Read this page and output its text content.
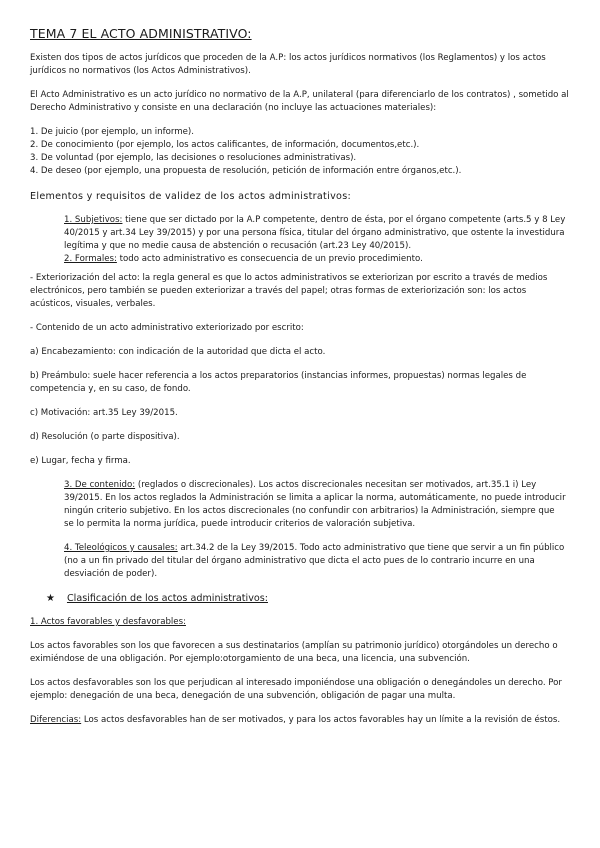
TEMA 7 EL ACTO ADMINISTRATIVO:

Existen dos tipos de actos jurídicos que proceden de la A.P: los actos jurídicos normativos (los Reglamentos) y los actos jurídicos no normativos (los Actos Administrativos).

El Acto Administrativo es un acto jurídico no normativo de la A.P, unilateral (para diferenciarlo de los contratos) , sometido al Derecho Administrativo y consiste en una declaración (no incluye las actuaciones materiales):

1. De juicio (por ejemplo, un informe).

2. De conocimiento (por ejemplo, los actos calificantes, de información, documentos,etc.).

3. De voluntad (por ejemplo, las decisiones o resoluciones administrativas).

4. De deseo (por ejemplo, una propuesta de resolución, petición de información entre órganos,etc.).

Elementos y requisitos de validez de los actos administrativos:

1. Subjetivos: tiene que ser dictado por la A.P competente, dentro de ésta, por el órgano competente (arts.5 y 8 Ley 40/2015 y art.34 Ley 39/2015) y por una persona física, titular del órgano administrativo, que ostente la investidura legítima y que no medie causa de abstención o recusación (art.23 Ley 40/2015).

2. Formales: todo acto administrativo es consecuencia de un previo procedimiento.

- Exteriorización del acto: la regla general es que lo actos administrativos se exteriorizan por escrito a través de medios electrónicos, pero también se pueden exteriorizar a través del papel; otras formas de exteriorización son: los actos acústicos, visuales, verbales.

- Contenido de un acto administrativo exteriorizado por escrito:

a) Encabezamiento: con indicación de la autoridad que dicta el acto.

b) Preámbulo: suele hacer referencia a los actos preparatorios (instancias informes, propuestas) normas legales de competencia y, en su caso, de fondo.

c) Motivación: art.35 Ley 39/2015.

d) Resolución (o parte dispositiva).

e) Lugar, fecha y firma.

3. De contenido: (reglados o discrecionales). Los actos discrecionales necesitan ser motivados, art.35.1 i) Ley 39/2015. En los actos reglados la Administración se limita a aplicar la norma, automáticamente, no puede introducir ningún criterio subjetivo. En los actos discrecionales (no confundir con arbitrarios) la Administración, siempre que se lo permita la norma jurídica, puede introducir criterios de valoración subjetiva.

4. Teleológicos y causales: art.34.2 de la Ley 39/2015. Todo acto administrativo que tiene que servir a un fin público (no a un fin privado del titular del órgano administrativo que dicta el acto pues de lo contrario incurre en una desviación de poder).

★ Clasificación de los actos administrativos:

1. Actos favorables y desfavorables:

Los actos favorables son los que favorecen a sus destinatarios (amplían su patrimonio jurídico) otorgándoles un derecho o eximiéndose de una obligación. Por ejemplo:otorgamiento de una beca, una licencia, una subvención.

Los actos desfavorables son los que perjudican al interesado imponiéndose una obligación o denegándoles un derecho. Por ejemplo: denegación de una beca, denegación de una subvención, obligación de pagar una multa.

Diferencias: Los actos desfavorables han de ser motivados, y para los actos favorables hay un límite a la revisión de éstos.
